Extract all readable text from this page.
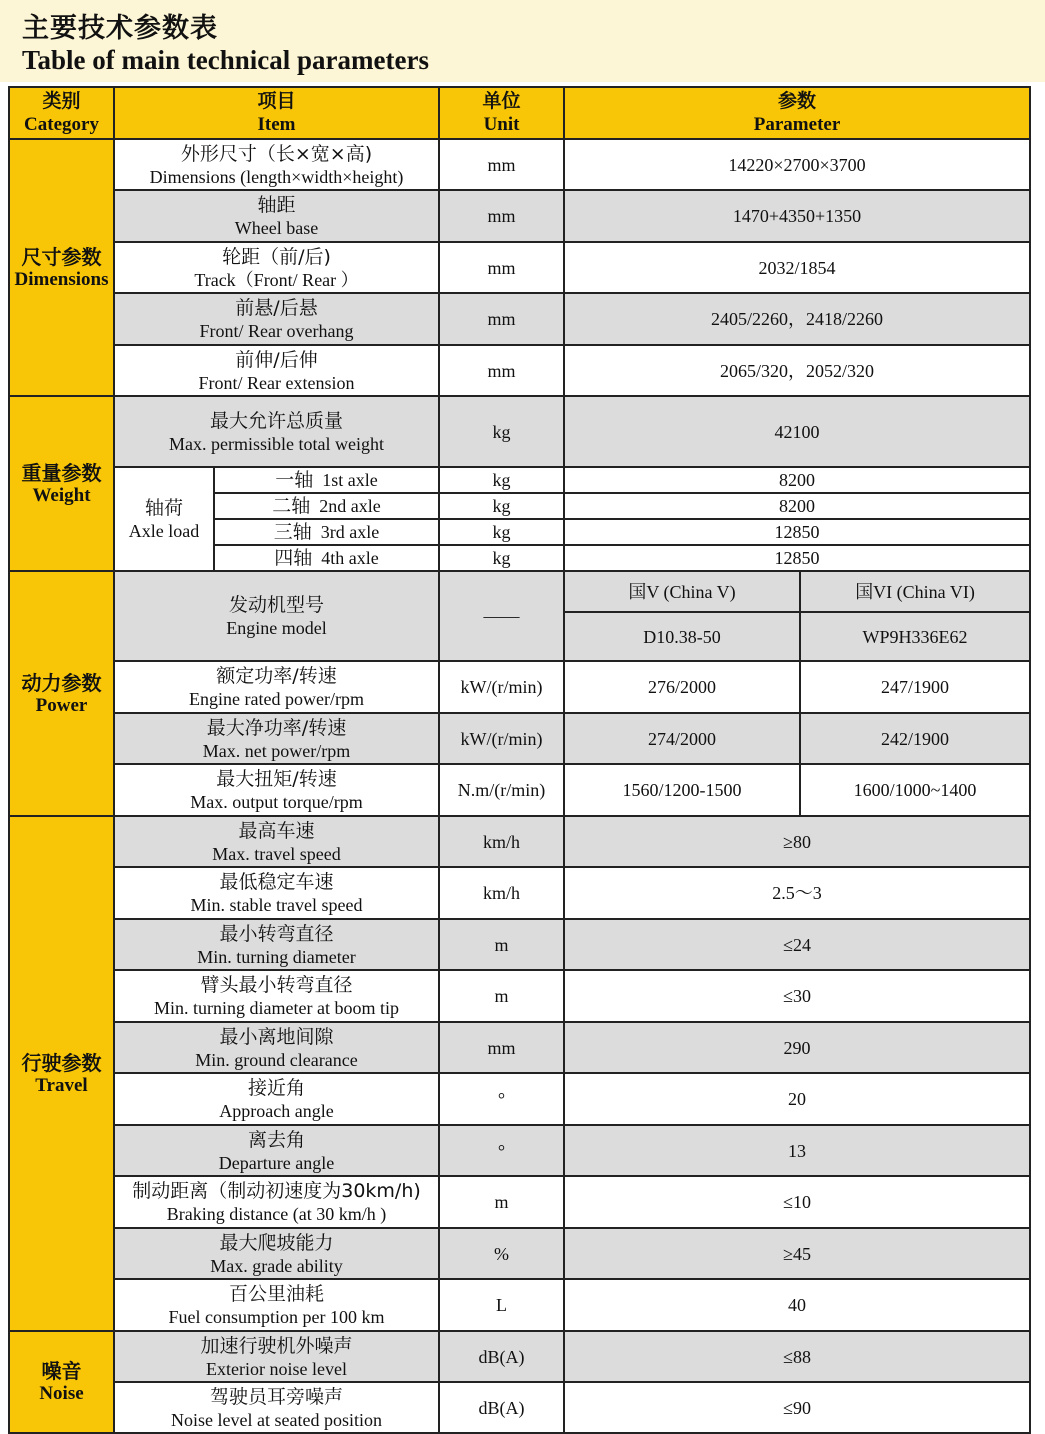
主要技术参数表
Table of main technical parameters
类别
Category	项目
Item		单位
Unit	参数
Parameter	

尺寸参数
Dimensions	外形尺寸（长×宽×高)
Dimensions (length×width×height)		mm	14220×2700×3700	

	轴距
Wheel base		mm	1470+4350+1350	

	轮距（前/后)
Track（Front/ Rear ）		mm	2032/1854	

	前悬/后悬
Front/ Rear overhang		mm	2405/2260，2418/2260	

	前伸/后伸
Front/ Rear extension		mm	2065/320，2052/320	

重量参数
Weight	最大允许总质量
Max. permissible total weight		kg	42100	

	轴荷
Axle load	一轴 1st axle	kg	8200	
		二轴 2nd axle	kg	8200	
		三轴 3rd axle	kg	12850	
		四轴 4th axle	kg	12850	

动力参数
Power	发动机型号
Engine model		——	国V (China V)	国VI (China VI)
				D10.38-50	WP9H336E62

	额定功率/转速
Engine rated power/rpm		kW/(r/min)	276/2000	247/1900

	最大净功率/转速
Max. net power/rpm		kW/(r/min)	274/2000	242/1900

	最大扭矩/转速
Max. output torque/rpm		N.m/(r/min)	1560/1200-1500	1600/1000~1400

行驶参数
Travel	最高车速
Max. travel speed		km/h	≥80	

	最低稳定车速
Min. stable travel speed		km/h	2.5～3	

	最小转弯直径
Min. turning diameter		m	≤24	

	臂头最小转弯直径
Min. turning diameter at boom tip		m	≤30	

	最小离地间隙
Min. ground clearance		mm	290	

	接近角
Approach angle		°	20	

	离去角
Departure angle		°	13	

	制动距离（制动初速度为30km/h)
Braking distance (at 30 km/h )		m	≤10	

	最大爬坡能力
Max. grade ability		%	≥45	

	百公里油耗
Fuel consumption per 100 km		L	40	

噪音
Noise	加速行驶机外噪声
Exterior noise level		dB(A)	≤88	

	驾驶员耳旁噪声
Noise level at seated position		dB(A)	≤90	
